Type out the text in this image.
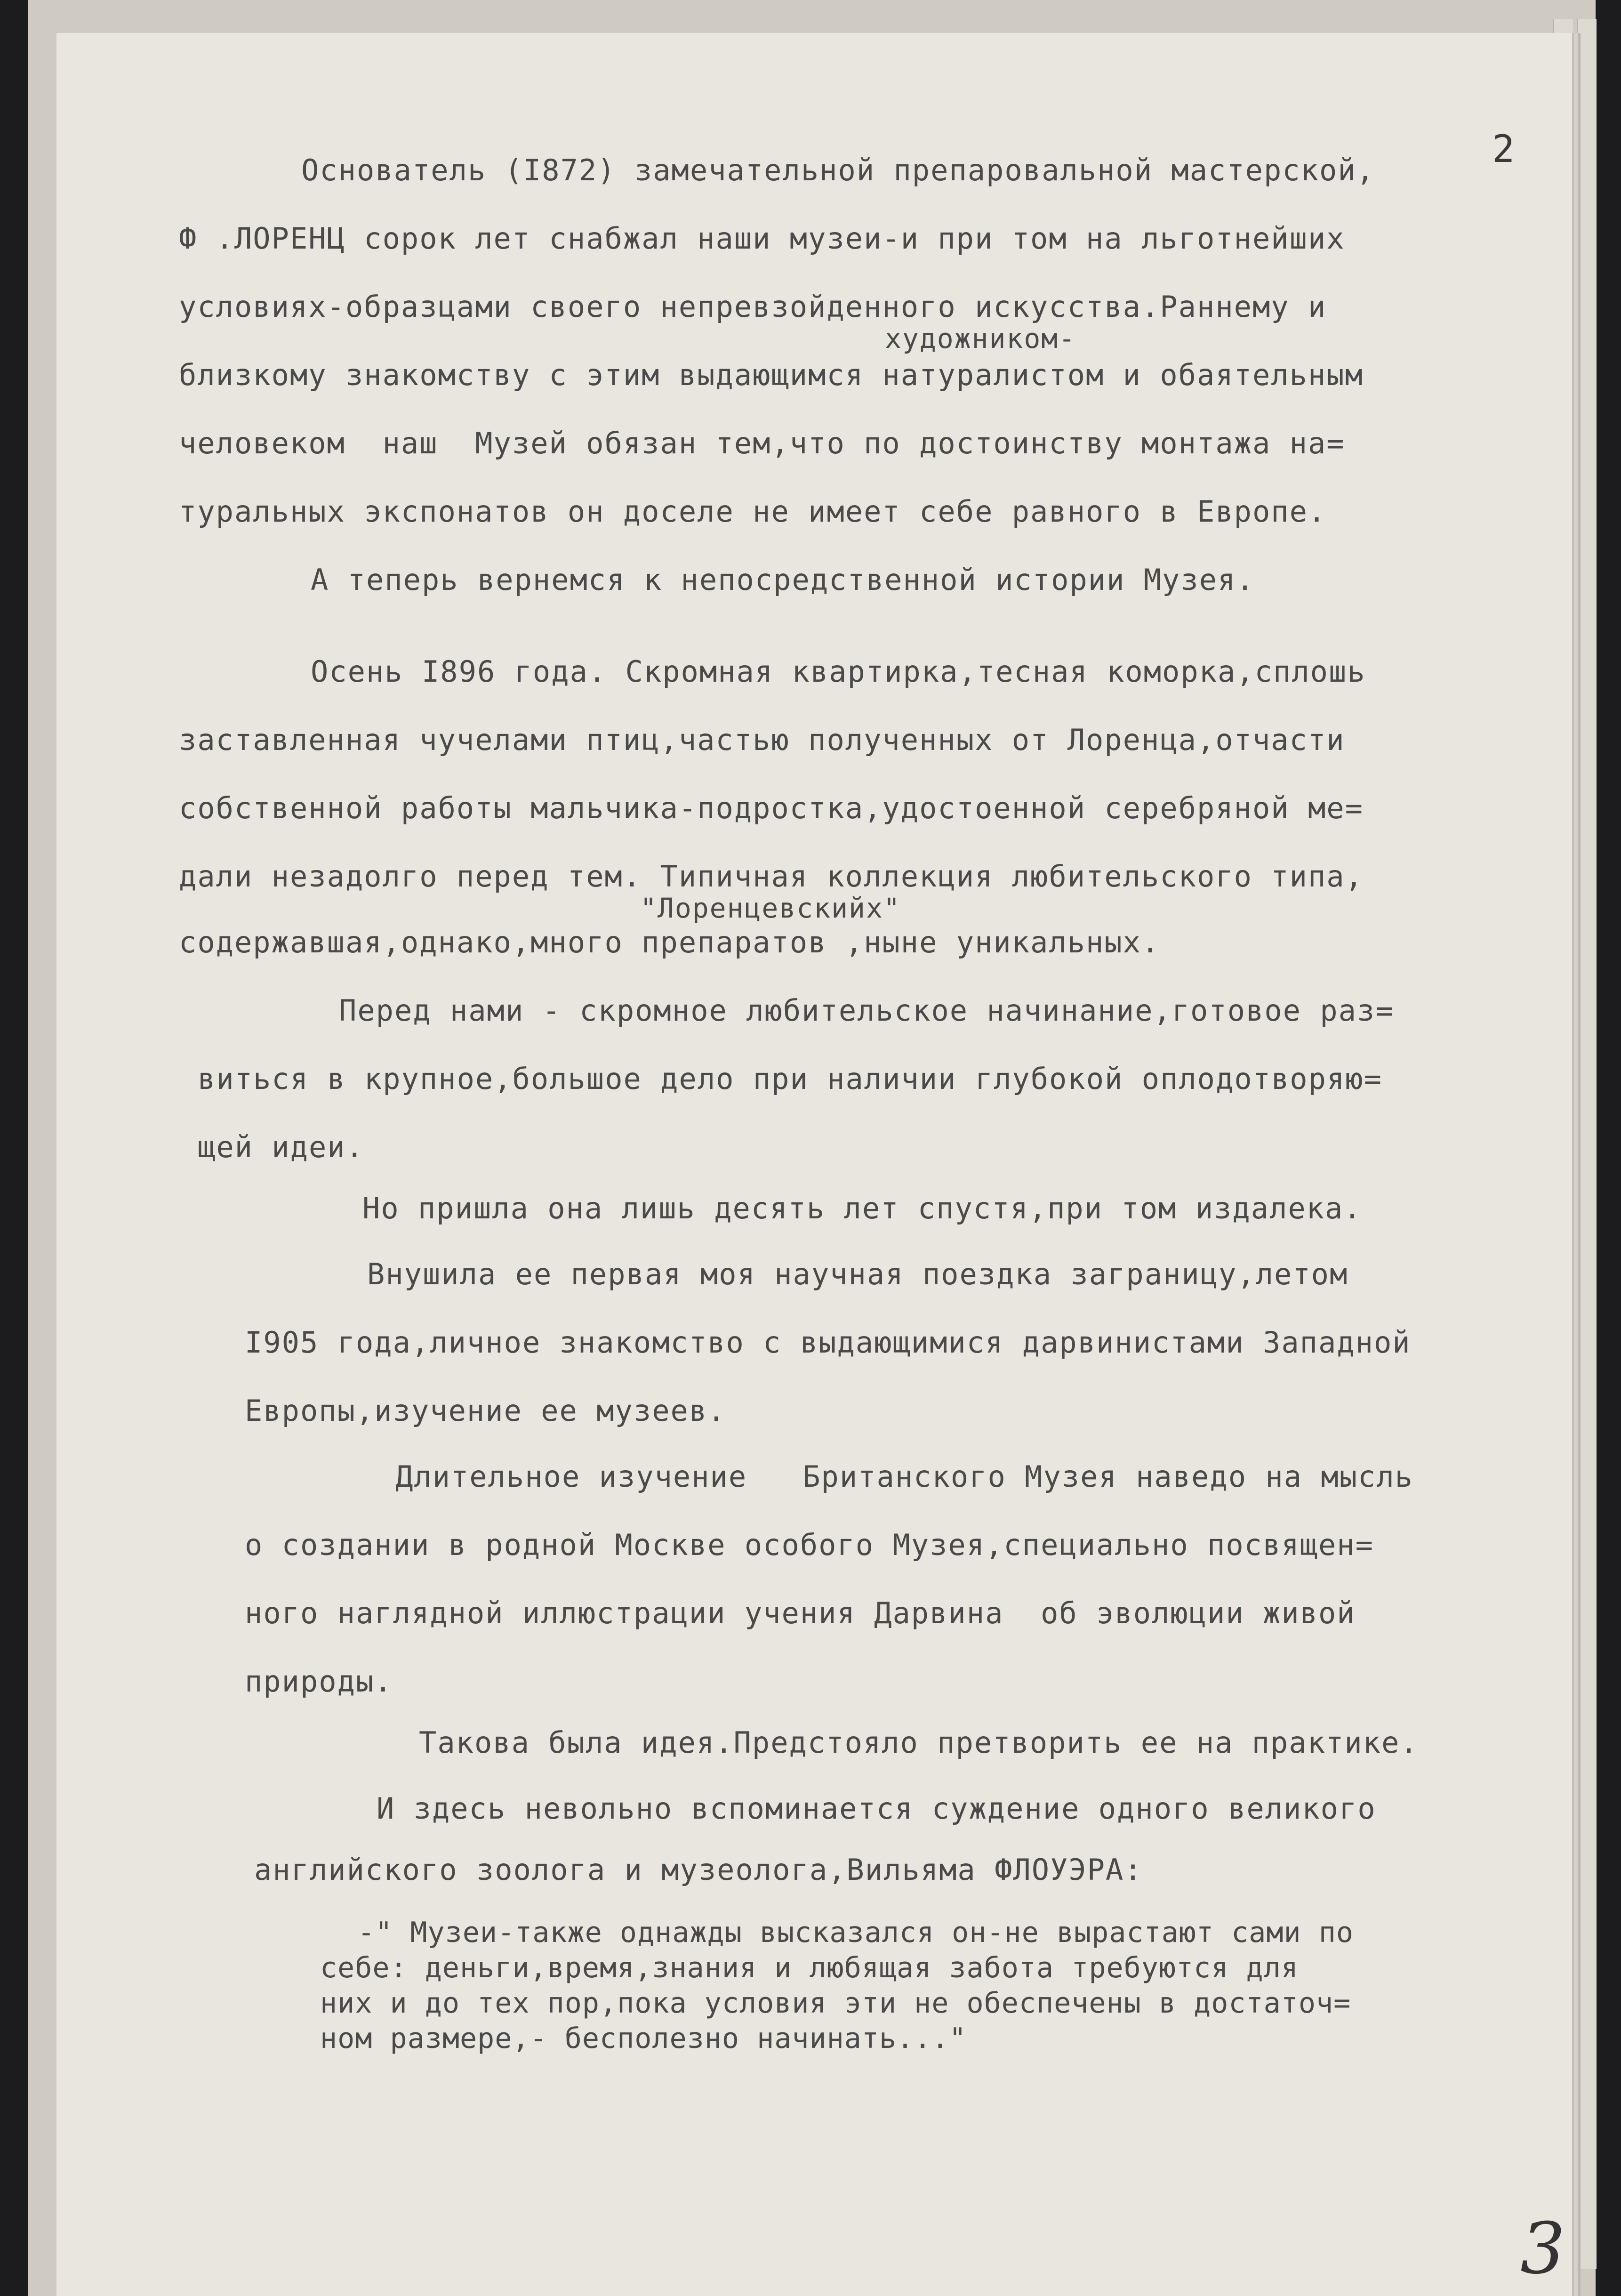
2
Основатель (I872) замечательной препаровальной мастерской,
Ф .ЛОРЕНЦ сорок лет снабжал наши музеи-и при том на льготнейших
условиях-образцами своего непревзойденного искусства.Раннему и
художником-
близкому знакомству с этим выдающимся натуралистом и обаятельным
человеком  наш  Музей обязан тем,что по достоинству монтажа на=
туральных экспонатов он доселе не имеет себе равного в Европе.
А теперь вернемся к непосредственной истории Музея.
Осень I896 года. Скромная квартирка,тесная коморка,сплошь
заставленная чучелами птиц,частью полученных от Лоренца,отчасти
собственной работы мальчика-подростка,удостоенной серебряной ме=
дали незадолго перед тем. Типичная коллекция любительского типа,
"Лоренцевскийх"
содержавшая,однако,много препаратов ,ныне уникальных.
Перед нами - скромное любительское начинание,готовое раз=
виться в крупное,большое дело при наличии глубокой оплодотворяю=
щей идеи.
Но пришла она лишь десять лет спустя,при том издалека.
Внушила ее первая моя научная поездка заграницу,летом
I905 года,личное знакомство с выдающимися дарвинистами Западной
Европы,изучение ее музеев.
Длительное изучение   Британского Музея наведо на мысль
о создании в родной Москве особого Музея,специально посвящен=
ного наглядной иллюстрации учения Дарвина  об эволюции живой
природы.
Такова была идея.Предстояло претворить ее на практике.
И здесь невольно вспоминается суждение одного великого
английского зоолога и музеолога,Вильяма ФЛОУЭРА:
-" Музеи-также однажды высказался он-не вырастают сами по
себе: деньги,время,знания и любящая забота требуются для
них и до тех пор,пока условия эти не обеспечены в достаточ=
ном размере,- бесполезно начинать..."
3
